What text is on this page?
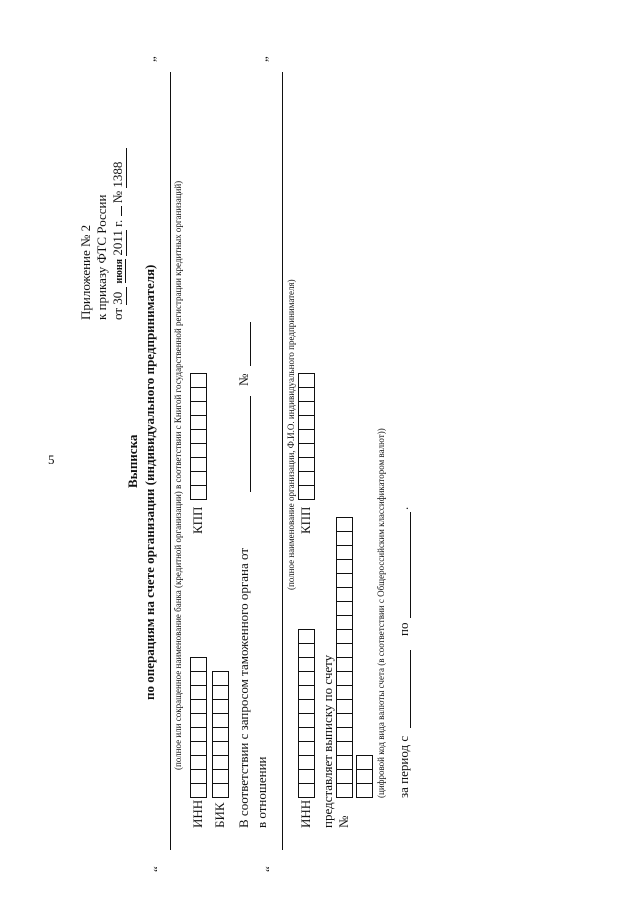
5
Приложение № 2 к приказу ФТС России от 30 июня 2011 г.  № 1388
Выписка по операциям на счете организации (индивидуального предпринимателя)
“
”
(полное или сокращенное наименование банка (кредитной организации) в соответствии с Книгой государственной регистрации кредитных организаций)
ИНН
КПП
БИК В соответствии с запросом таможенного органа от
№
в отношении
“
”
(полное наименование организации, Ф.И.О. индивидуального предпринимателя)
ИНН
КПП
представляет выписку по счету №
(цифровой код вида валюты счета (в соответствии с Общероссийским классификатором валют)) за период с
по
.
